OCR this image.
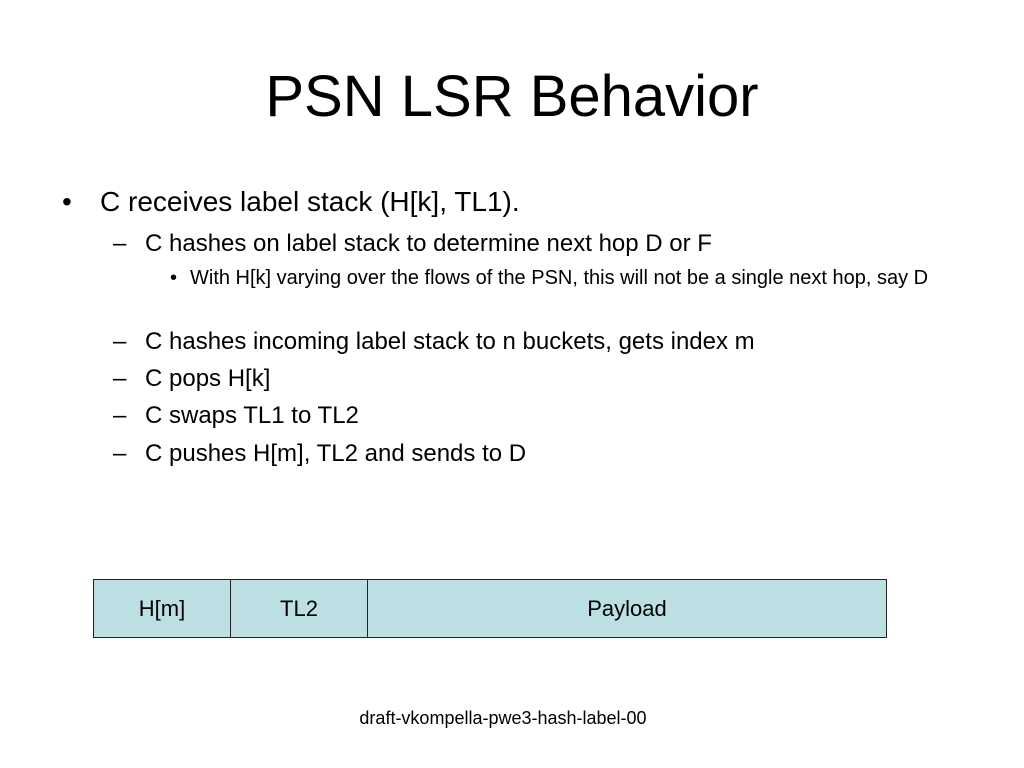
PSN LSR Behavior
•	C receives label stack (H[k], TL1).
– C hashes on label stack to determine next hop D or F
• With H[k] varying over the flows of the PSN, this will not be a single next hop, say D
– C hashes incoming label stack to n buckets, gets index m
– C pops H[k]
– C swaps TL1 to TL2
– C pushes H[m], TL2 and sends to D
H[m]	TL2	Payload
draft-vkompella-pwe3-hash-label-00
